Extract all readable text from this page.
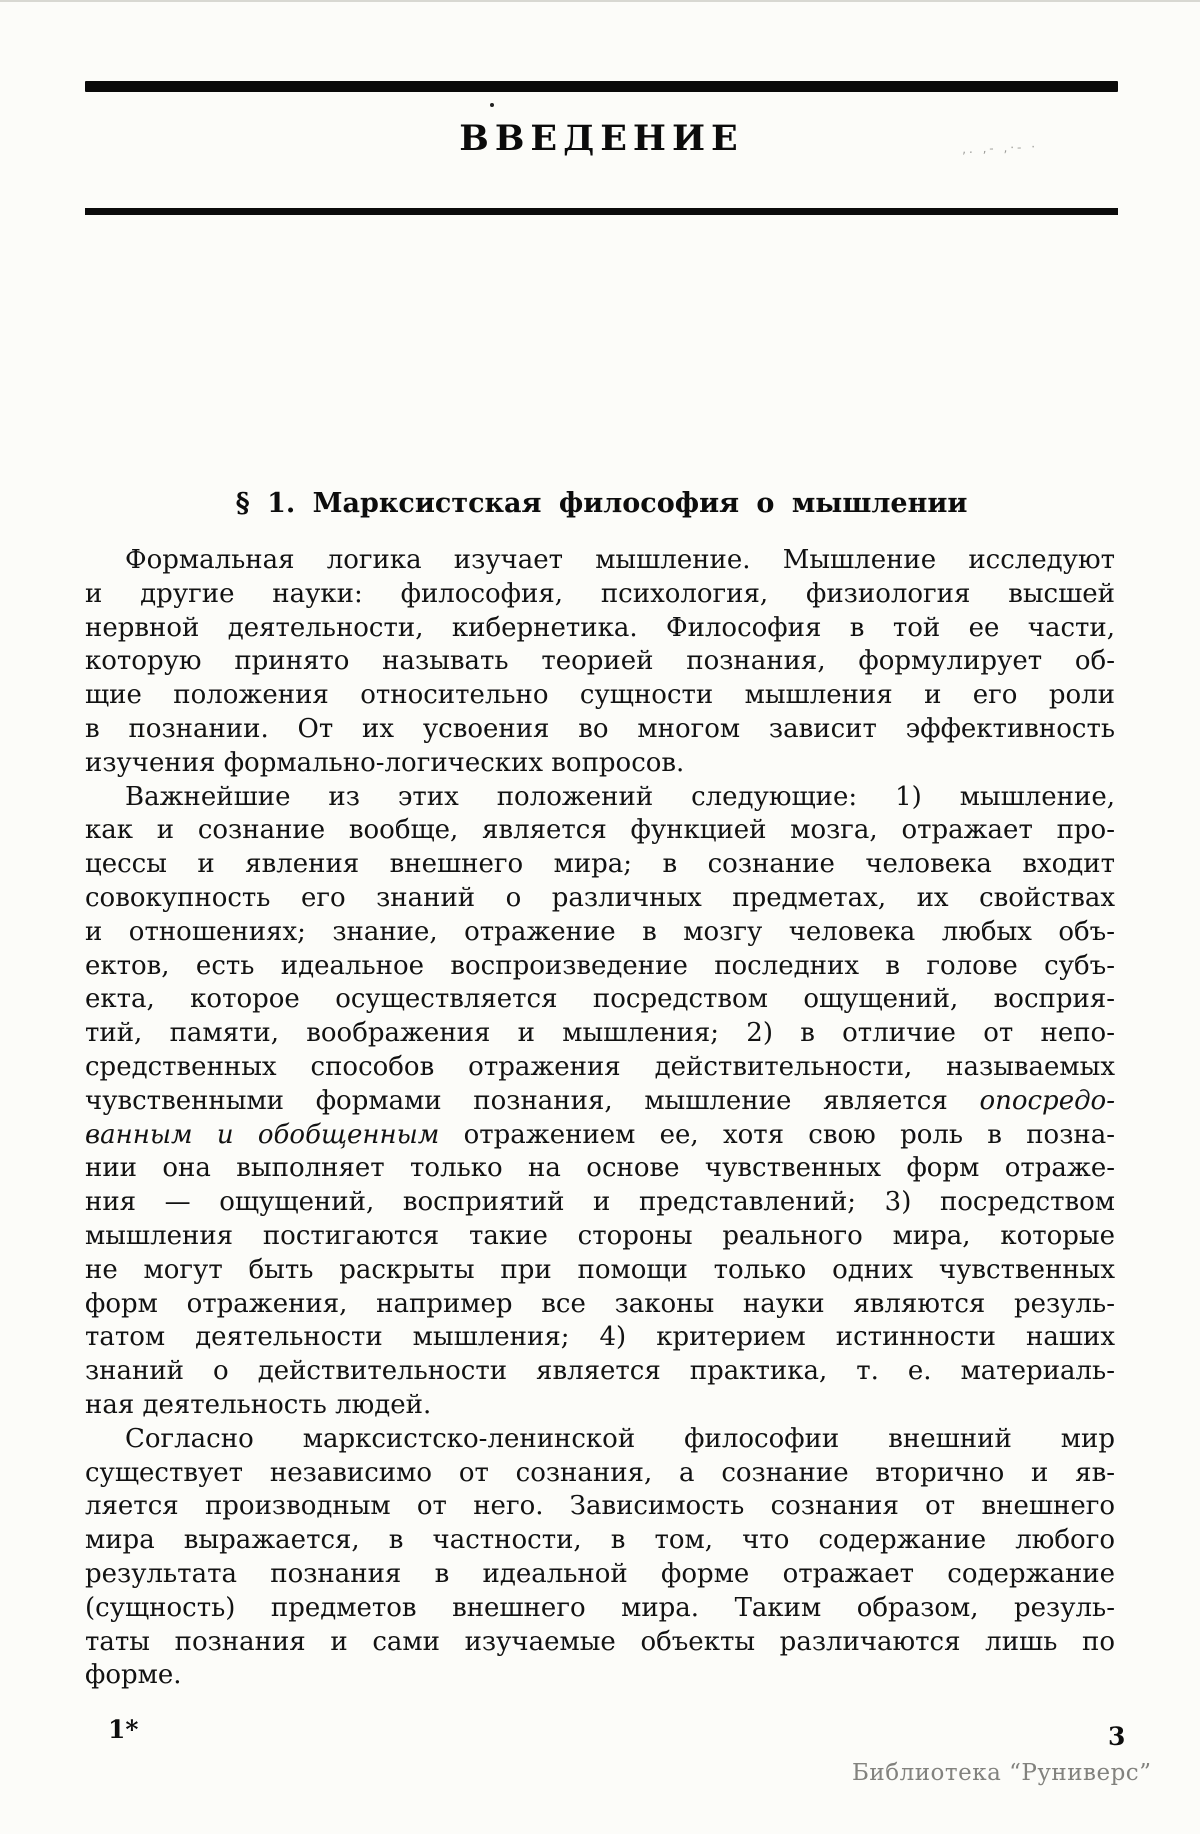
ВВЕДЕНИЕ	‚. ‚- ‚·- ·
§ 1. Марксистская философия о мышлении
Формальная логика изучает мышление. Мышление исследуют
и другие науки: философия, психология, физиология высшей
нервной деятельности, кибернетика. Философия в той ее части,
которую принято называть теорией познания, формулирует об-
щие положения относительно сущности мышления и его роли
в познании. От их усвоения во многом зависит эффективность
изучения формально-логических вопросов.
Важнейшие из этих положений следующие: 1) мышление,
как и сознание вообще, является функцией мозга, отражает про-
цессы и явления внешнего мира; в сознание человека входит
совокупность его знаний о различных предметах, их свойствах
и отношениях; знание, отражение в мозгу человека любых объ-
ектов, есть идеальное воспроизведение последних в голове субъ-
екта, которое осуществляется посредством ощущений, восприя-
тий, памяти, воображения и мышления; 2) в отличие от непо-
средственных способов отражения действительности, называемых
чувственными формами познания, мышление является опосредо-
ванным и обобщенным отражением ее, хотя свою роль в позна-
нии она выполняет только на основе чувственных форм отраже-
ния — ощущений, восприятий и представлений; 3) посредством
мышления постигаются такие стороны реального мира, которые
не могут быть раскрыты при помощи только одних чувственных
форм отражения, например все законы науки являются резуль-
татом деятельности мышления; 4) критерием истинности наших
знаний о действительности является практика, т. е. материаль-
ная деятельность людей.
Согласно марксистско-ленинской философии внешний мир
существует независимо от сознания, а сознание вторично и яв-
ляется производным от него. Зависимость сознания от внешнего
мира выражается, в частности, в том, что содержание любого
результата познания в идеальной форме отражает содержание
(сущность) предметов внешнего мира. Таким образом, резуль-
таты познания и сами изучаемые объекты различаются лишь по
форме.
1*	3
Библиотека “Руниверс”
